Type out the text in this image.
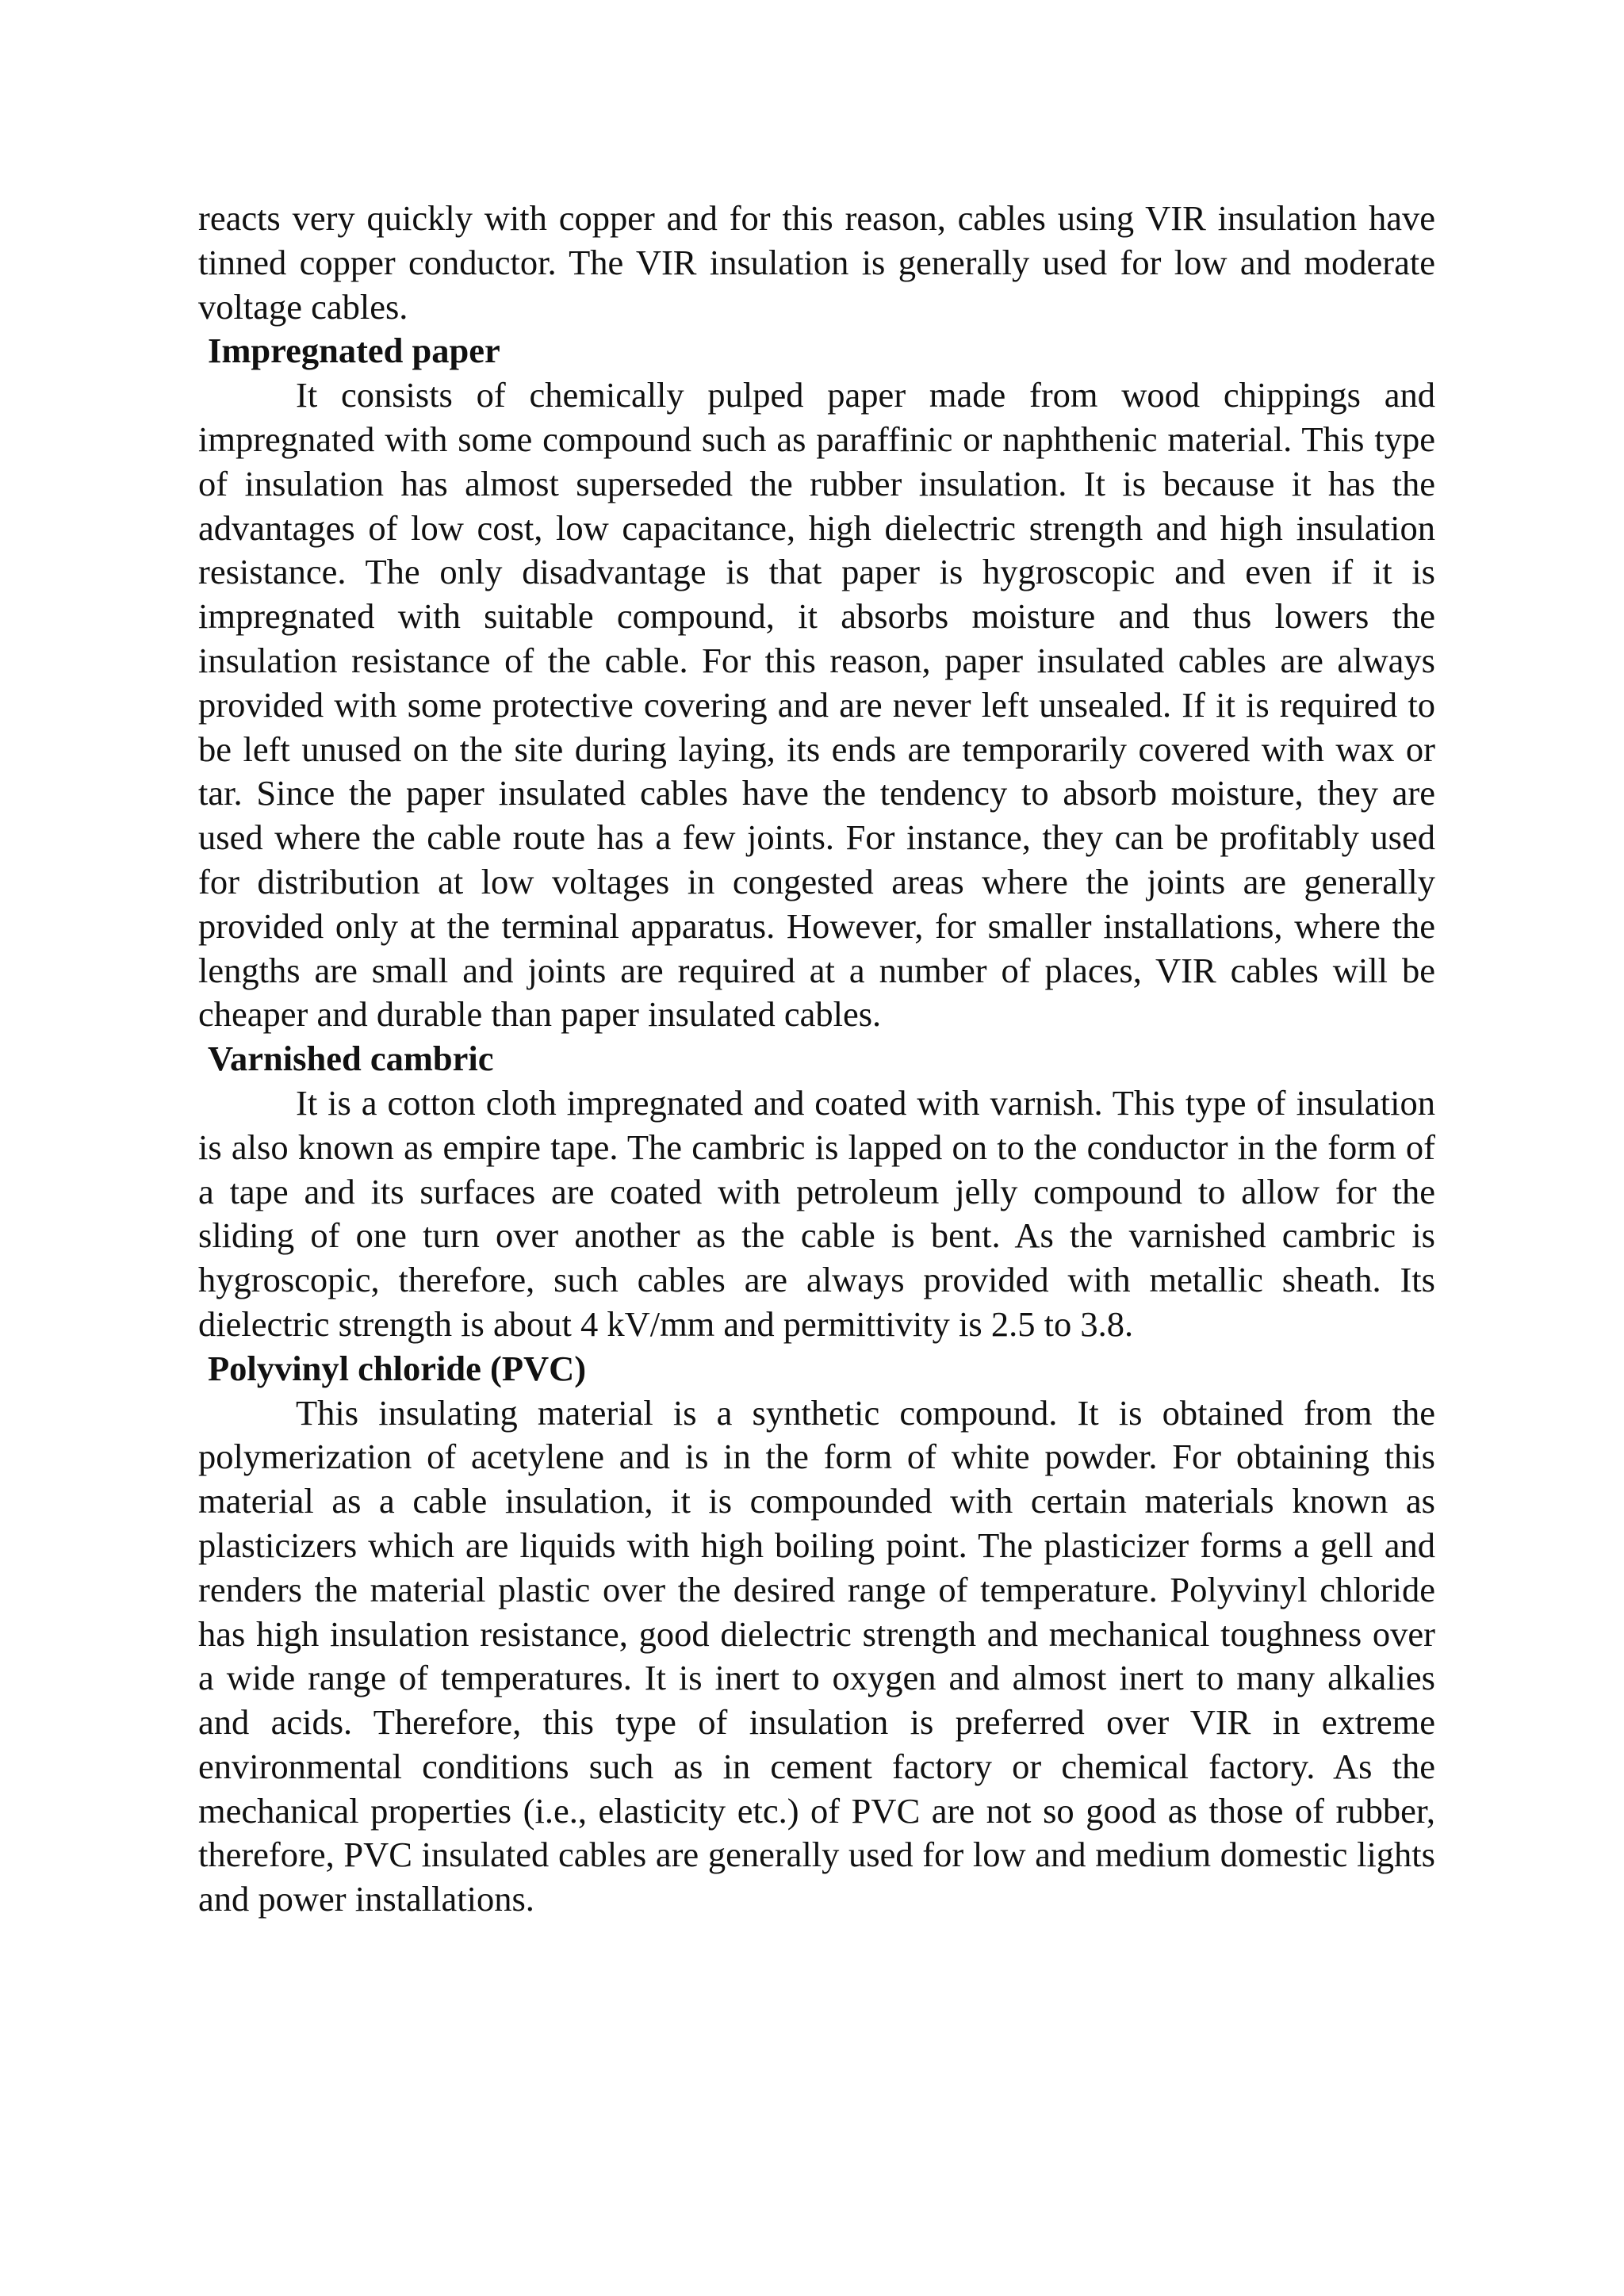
reacts very quickly with copper and for this reason, cables using VIR insulation have tinned copper conductor. The VIR insulation is generally used for low and moderate voltage cables.

Impregnated paper

It consists of chemically pulped paper made from wood chippings and impregnated with some compound such as paraffinic or naphthenic material. This type of insulation has almost superseded the rubber insulation. It is because it has the advantages of low cost, low capacitance, high dielectric strength and high insulation resistance. The only disadvantage is that paper is hygroscopic and even if it is impregnated with suitable compound, it absorbs moisture and thus lowers the insulation resistance of the cable. For this reason, paper insulated cables are always provided with some protective covering and are never left unsealed. If it is required to be left unused on the site during laying, its ends are temporarily covered with wax or tar. Since the paper insulated cables have the tendency to absorb moisture, they are used where the cable route has a few joints. For instance, they can be profitably used for distribution at low voltages in congested areas where the joints are generally provided only at the terminal apparatus. However, for smaller installations, where the lengths are small and joints are required at a number of places, VIR cables will be cheaper and durable than paper insulated cables.

Varnished cambric

It is a cotton cloth impregnated and coated with varnish. This type of insulation is also known as empire tape. The cambric is lapped on to the conductor in the form of a tape and its surfaces are coated with petroleum jelly compound to allow for the sliding of one turn over another as the cable is bent. As the varnished cambric is hygroscopic, therefore, such cables are always provided with metallic sheath. Its dielectric strength is about 4 kV/mm and permittivity is 2.5 to 3.8.

Polyvinyl chloride (PVC)

This insulating material is a synthetic compound. It is obtained from the polymerization of acetylene and is in the form of white powder. For obtaining this material as a cable insulation, it is compounded with certain materials known as plasticizers which are liquids with high boiling point. The plasticizer forms a gell and renders the material plastic over the desired range of temperature. Polyvinyl chloride has high insulation resistance, good dielectric strength and mechanical toughness over a wide range of temperatures. It is inert to oxygen and almost inert to many alkalies and acids. Therefore, this type of insulation is preferred over VIR in extreme environmental conditions such as in cement factory or chemical factory. As the mechanical properties (i.e., elasticity etc.) of PVC are not so good as those of rubber, therefore, PVC insulated cables are generally used for low and medium domestic lights and power installations.
